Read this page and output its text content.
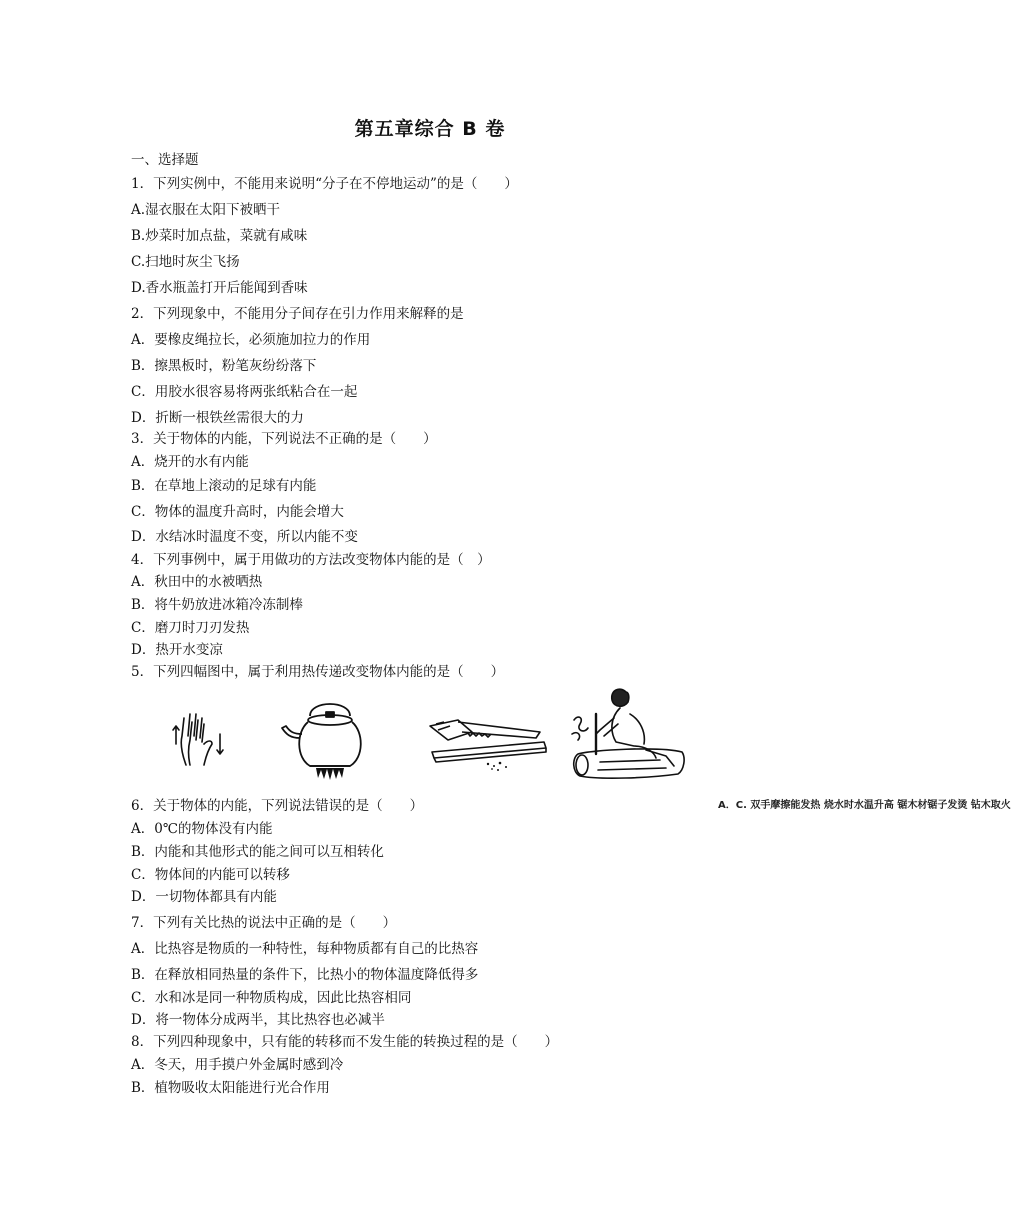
第五章综合 B 卷
一、选择题
1．下列实例中，不能用来说明“分子在不停地运动”的是（　　）
A.湿衣服在太阳下被晒干
B.炒菜时加点盐，菜就有咸味
C.扫地时灰尘飞扬
D.香水瓶盖打开后能闻到香味
2．下列现象中，不能用分子间存在引力作用来解释的是
A．要橡皮绳拉长，必须施加拉力的作用
B．擦黑板时，粉笔灰纷纷落下
C．用胶水很容易将两张纸粘合在一起
D．折断一根铁丝需很大的力
3．关于物体的内能，下列说法不正确的是（　　）
A．烧开的水有内能
B．在草地上滚动的足球有内能
C．物体的温度升高时，内能会增大
D．水结冰时温度不变，所以内能不变
4．下列事例中，属于用做功的方法改变物体内能的是（　）
A．秋田中的水被晒热
B．将牛奶放进冰箱冷冻制棒
C．磨刀时刀刃发热
D．热开水变凉
5．下列四幅图中，属于利用热传递改变物体内能的是（　　）
A．C. 双手摩擦能发热 烧水时水温升高 锯木材锯子发烫 钻木取火
6．关于物体的内能，下列说法错误的是（　　）
A．0℃的物体没有内能
B．内能和其他形式的能之间可以互相转化
C．物体间的内能可以转移
D．一切物体都具有内能
7．下列有关比热的说法中正确的是（　　）
A．比热容是物质的一种特性，每种物质都有自己的比热容
B．在释放相同热量的条件下，比热小的物体温度降低得多
C．水和冰是同一种物质构成，因此比热容相同
D．将一物体分成两半，其比热容也必减半
8．下列四种现象中，只有能的转移而不发生能的转换过程的是（　　）
A．冬天，用手摸户外金属时感到冷
B．植物吸收太阳能进行光合作用
